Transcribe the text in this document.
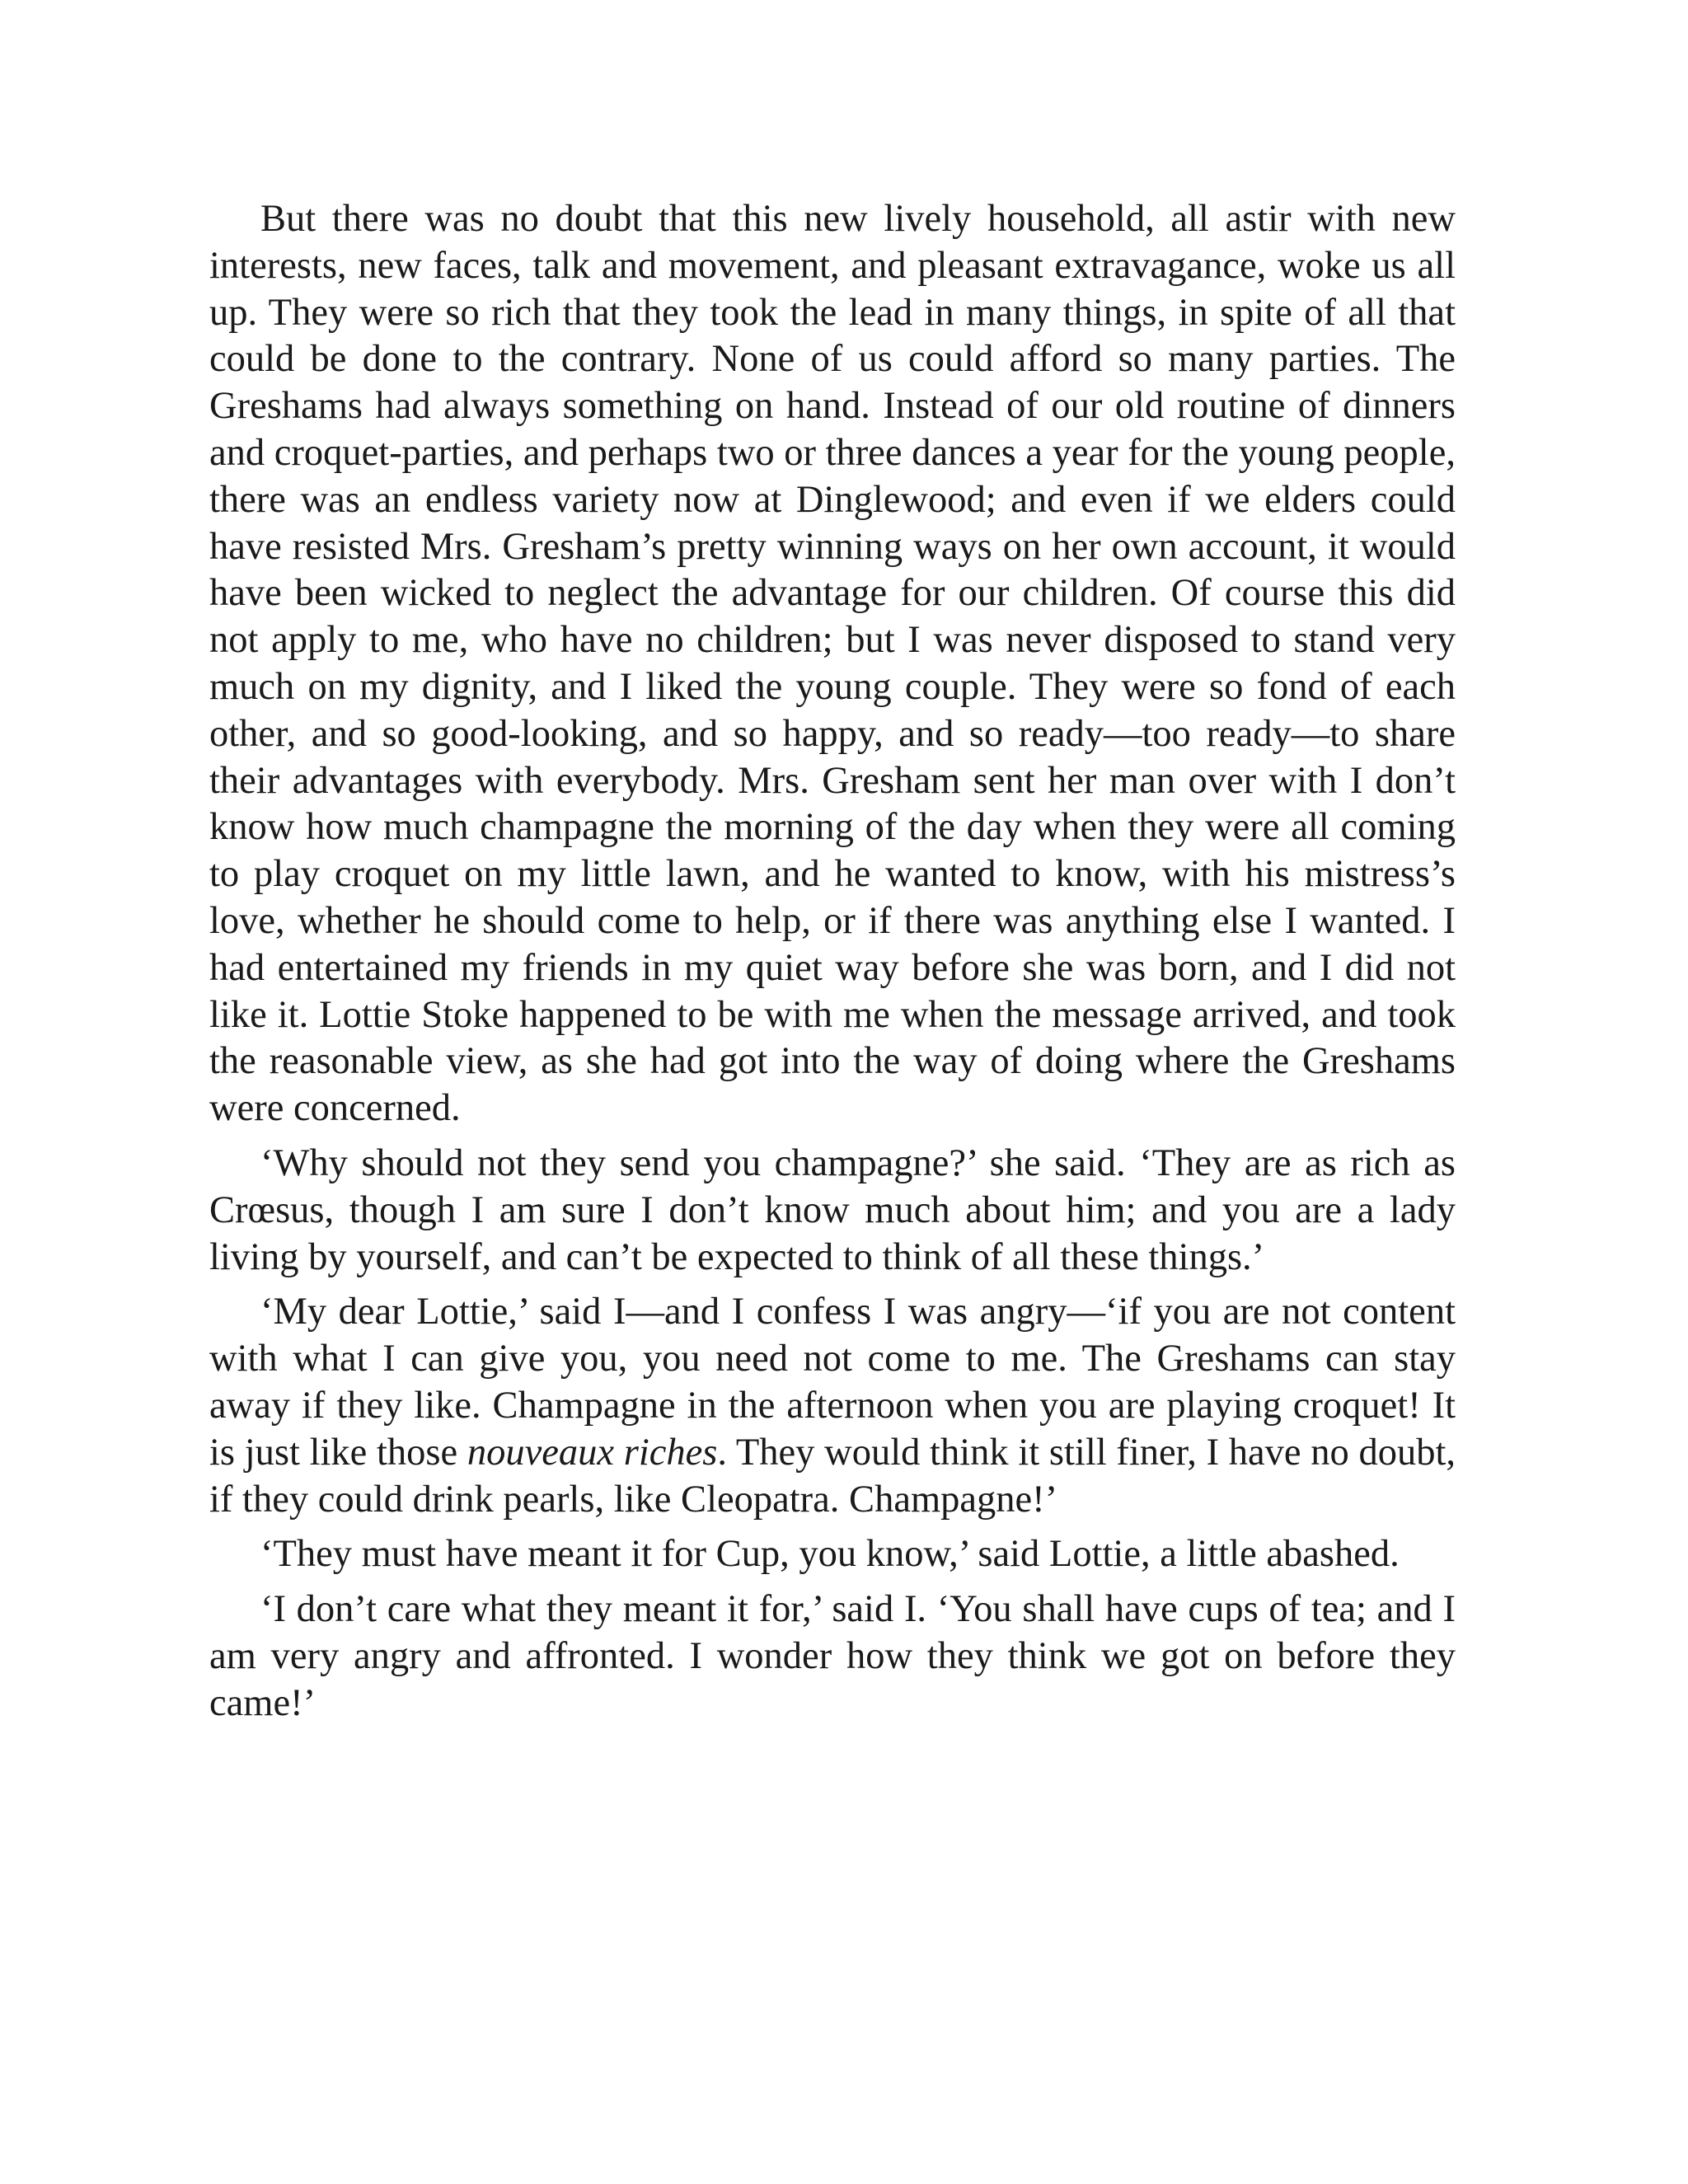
But there was no doubt that this new lively household, all astir with new interests, new faces, talk and movement, and pleasant extravagance, woke us all up. They were so rich that they took the lead in many things, in spite of all that could be done to the contrary. None of us could afford so many parties. The Greshams had always something on hand. Instead of our old routine of dinners and croquet-parties, and perhaps two or three dances a year for the young people, there was an endless variety now at Dinglewood; and even if we elders could have resisted Mrs. Gresham’s pretty winning ways on her own account, it would have been wicked to neglect the advantage for our children. Of course this did not apply to me, who have no children; but I was never disposed to stand very much on my dignity, and I liked the young couple. They were so fond of each other, and so good-looking, and so happy, and so ready—too ready—to share their advantages with everybody. Mrs. Gresham sent her man over with I don’t know how much champagne the morning of the day when they were all coming to play croquet on my little lawn, and he wanted to know, with his mistress’s love, whether he should come to help, or if there was anything else I wanted. I had entertained my friends in my quiet way before she was born, and I did not like it. Lottie Stoke happened to be with me when the message arrived, and took the reasonable view, as she had got into the way of doing where the Greshams were concerned.

‘Why should not they send you champagne?’ she said. ‘They are as rich as Crœsus, though I am sure I don’t know much about him; and you are a lady living by yourself, and can’t be expected to think of all these things.’

‘My dear Lottie,’ said I—and I confess I was angry—‘if you are not content with what I can give you, you need not come to me. The Greshams can stay away if they like. Champagne in the afternoon when you are playing croquet! It is just like those nouveaux riches. They would think it still finer, I have no doubt, if they could drink pearls, like Cleopatra. Champagne!’

‘They must have meant it for Cup, you know,’ said Lottie, a little abashed.

‘I don’t care what they meant it for,’ said I. ‘You shall have cups of tea; and I am very angry and affronted. I wonder how they think we got on before they came!’
